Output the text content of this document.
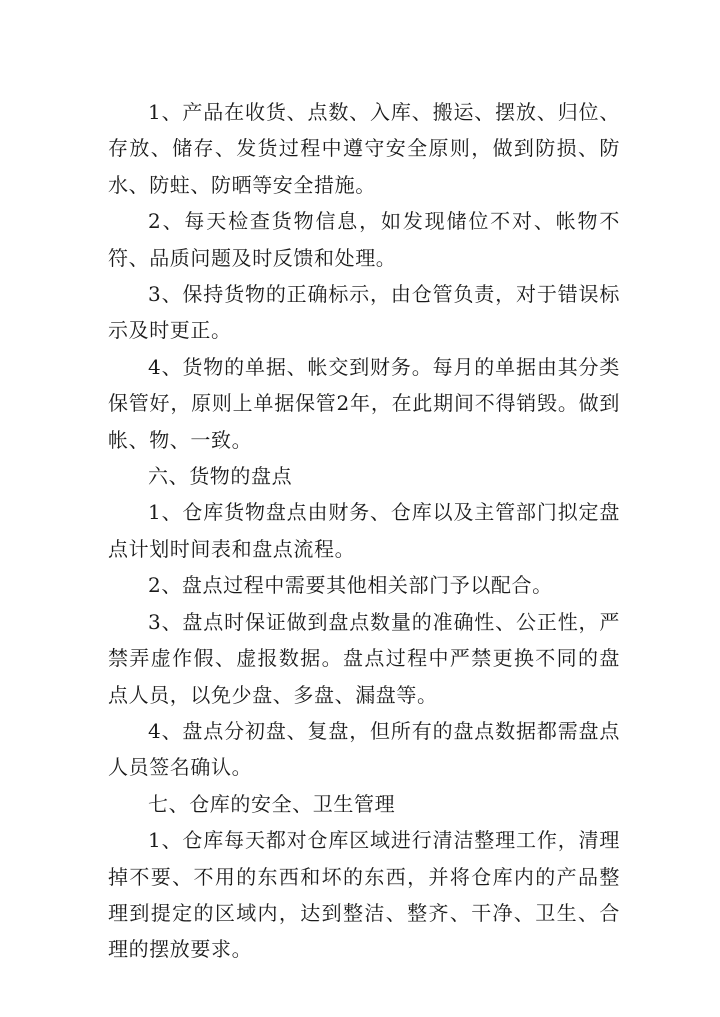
1、产品在收货、点数、入库、搬运、摆放、归位、存放、储存、发货过程中遵守安全原则，做到防损、防水、防蛀、防晒等安全措施。

2、每天检查货物信息，如发现储位不对、帐物不符、品质问题及时反馈和处理。

3、保持货物的正确标示，由仓管负责，对于错误标示及时更正。

4、货物的单据、帐交到财务。每月的单据由其分类保管好，原则上单据保管2年，在此期间不得销毁。做到帐、物、一致。

六、货物的盘点

1、仓库货物盘点由财务、仓库以及主管部门拟定盘点计划时间表和盘点流程。

2、盘点过程中需要其他相关部门予以配合。

3、盘点时保证做到盘点数量的准确性、公正性，严禁弄虚作假、虚报数据。盘点过程中严禁更换不同的盘点人员，以免少盘、多盘、漏盘等。

4、盘点分初盘、复盘，但所有的盘点数据都需盘点人员签名确认。

七、仓库的安全、卫生管理

1、仓库每天都对仓库区域进行清洁整理工作，清理掉不要、不用的东西和坏的东西，并将仓库内的产品整理到提定的区域内，达到整洁、整齐、干净、卫生、合理的摆放要求。
